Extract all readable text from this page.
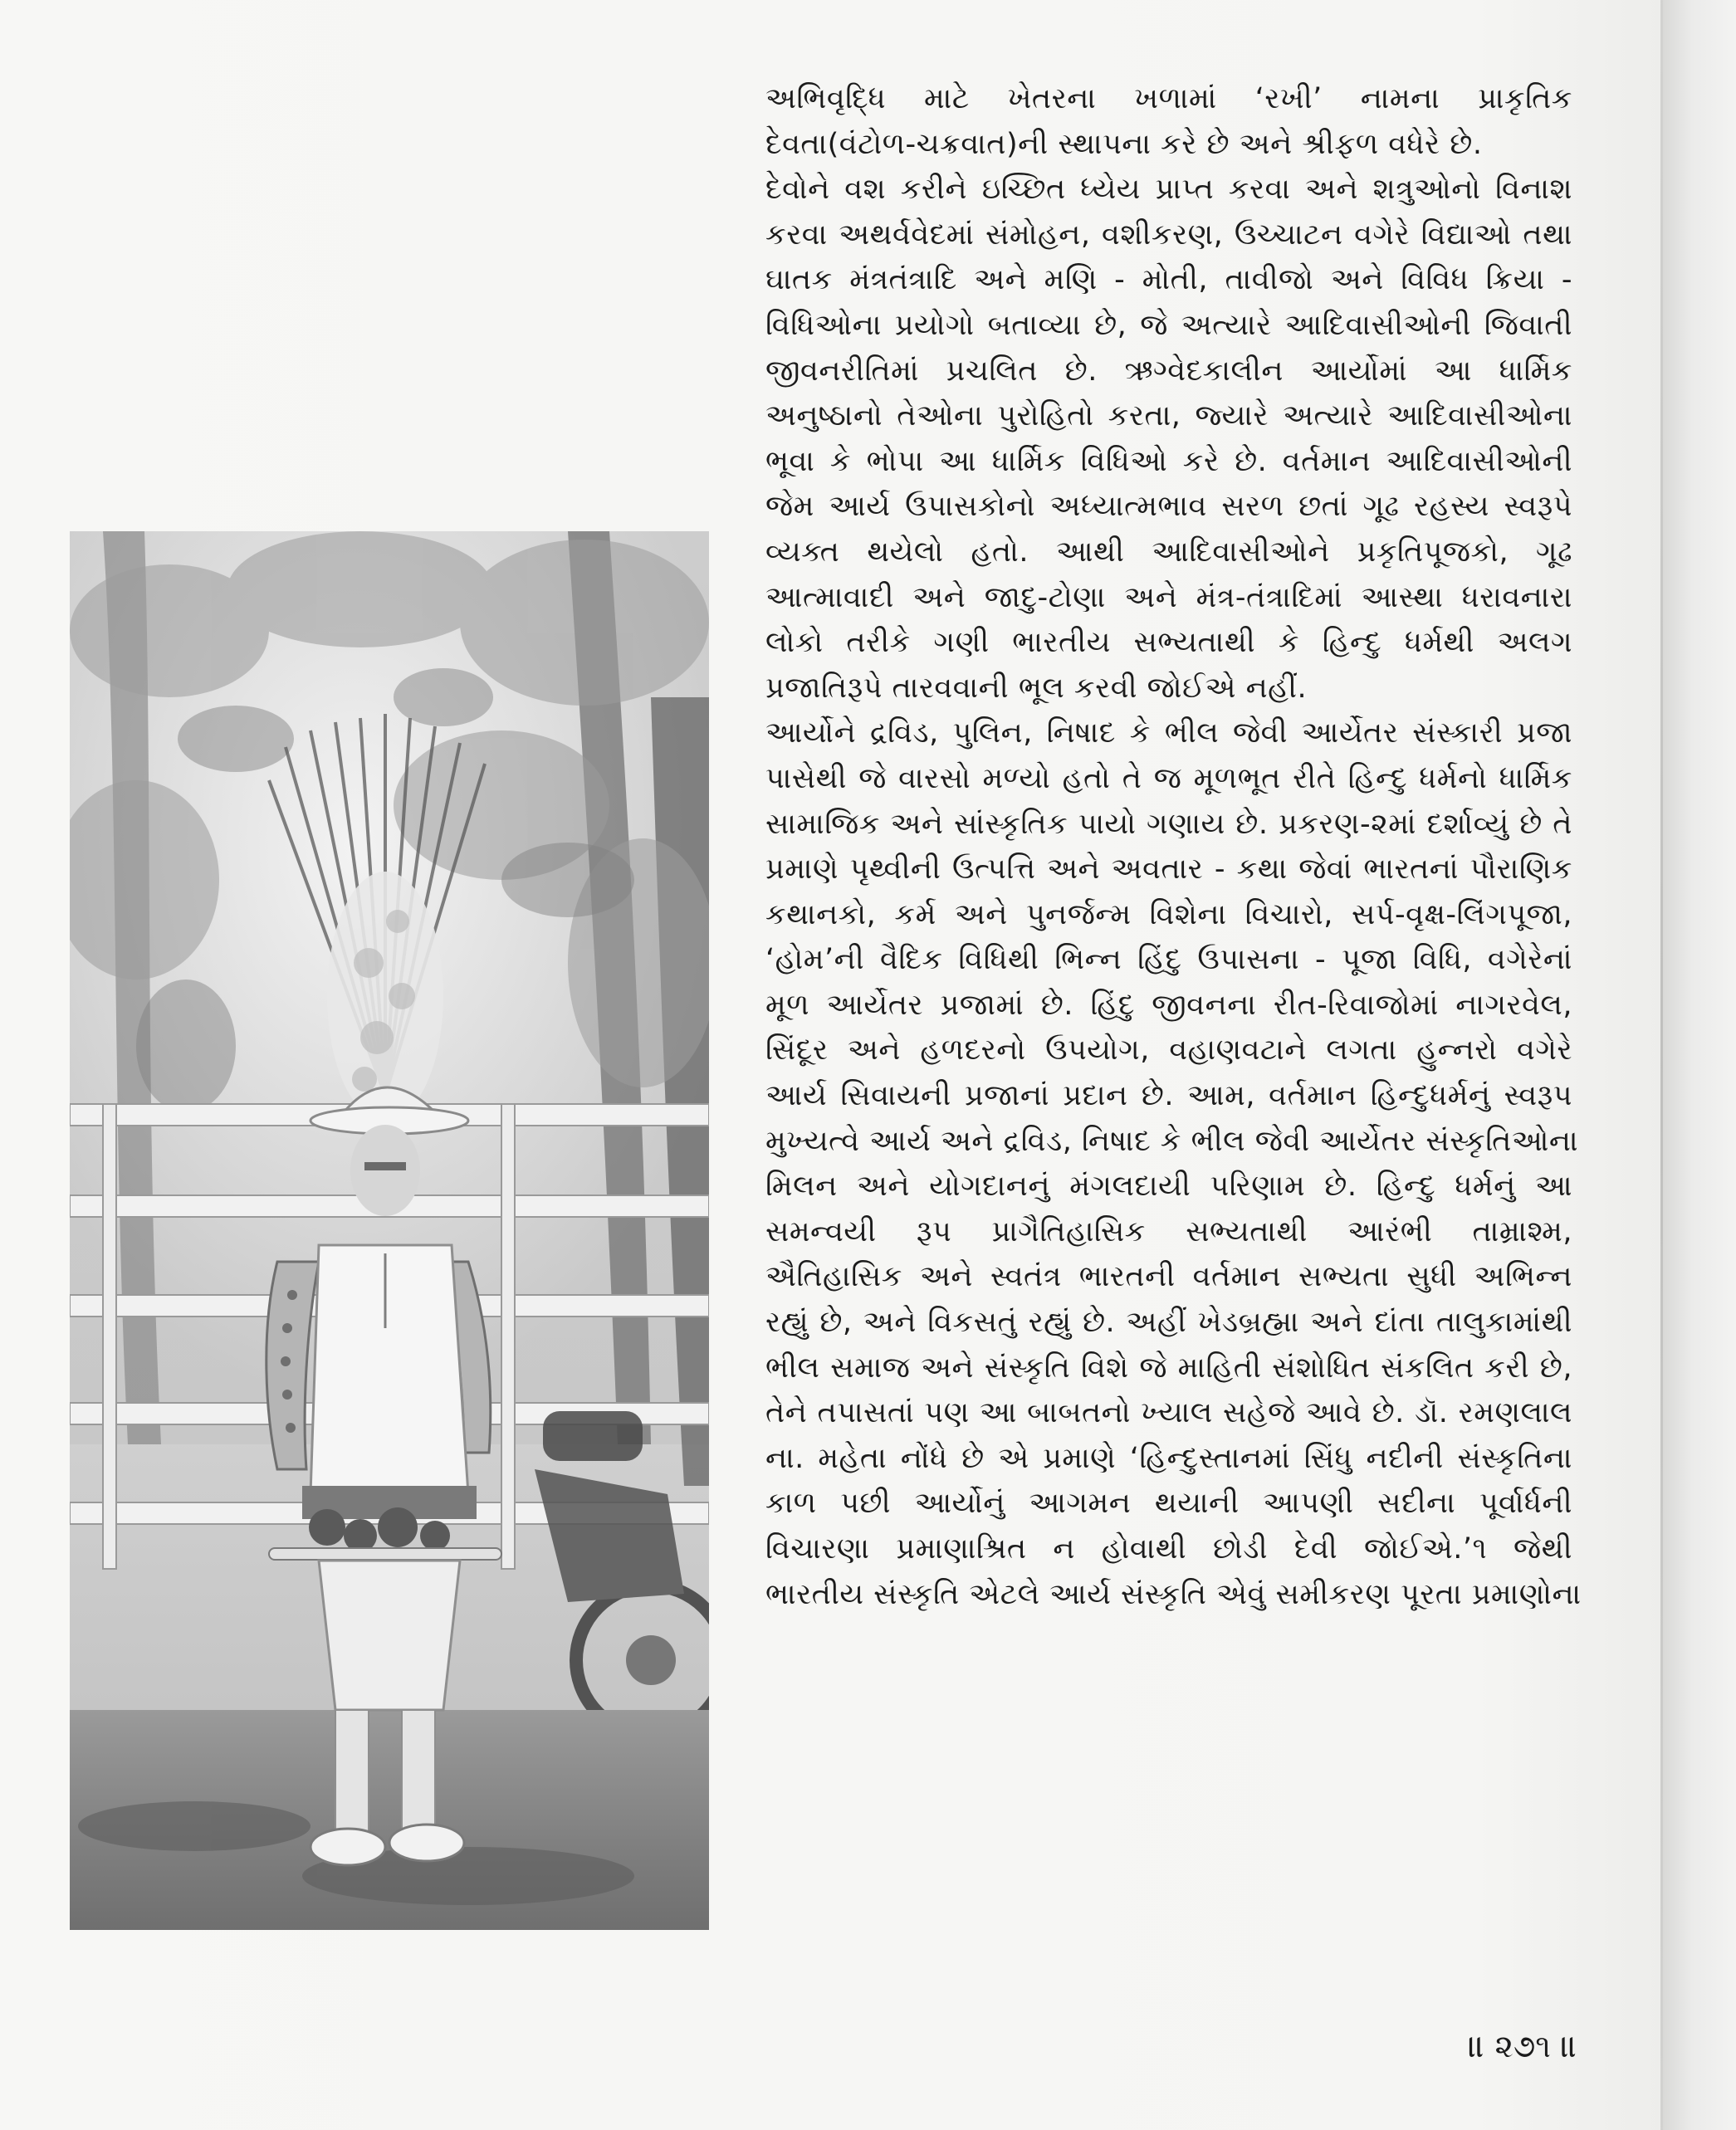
અભિવૃદ્ધિ માટે ખેતરના ખળામાં ‘રખી’ નામના પ્રાકૃતિક
દેવતા(વંટોળ-ચક્રવાત)ની સ્થાપના કરે છે અને શ્રીફળ વધેરે છે.
દેવોને વશ કરીને ઇચ્છિત ધ્યેય પ્રાપ્ત કરવા અને શત્રુઓનો વિનાશ
કરવા અથર્વવેદમાં સંમોહન, વશીકરણ, ઉચ્ચાટન વગેરે વિદ્યાઓ તથા
ઘાતક મંત્રતંત્રાદિ અને મણિ - મોતી, તાવીજો અને વિવિધ ક્રિયા -
વિધિઓના પ્રયોગો બતાવ્યા છે, જે અત્યારે આદિવાસીઓની જિવાતી
જીવનરીતિમાં પ્રચલિત છે. ઋગ્વેદકાલીન આર્યોમાં આ ધાર્મિક
અનુષ્ઠાનો તેઓના પુરોહિતો કરતા, જ્યારે અત્યારે આદિવાસીઓના
ભૂવા કે ભોપા આ ધાર્મિક વિધિઓ કરે છે. વર્તમાન આદિવાસીઓની
જેમ આર્ય ઉપાસકોનો અધ્યાત્મભાવ સરળ છતાં ગૂઢ રહસ્ય સ્વરૂપે
વ્યક્ત થયેલો હતો. આથી આદિવાસીઓને પ્રકૃતિપૂજકો, ગૂઢ
આત્માવાદી અને જાદુ-ટોણા અને મંત્ર-તંત્રાદિમાં આસ્થા ધરાવનારા
લોકો તરીકે ગણી ભારતીય સભ્યતાથી કે હિન્દુ ધર્મથી અલગ
પ્રજાતિરૂપે તારવવાની ભૂલ કરવી જોઈએ નહીં.
આર્યોને દ્રવિડ, પુલિન, નિષાદ કે ભીલ જેવી આર્યેતર સંસ્કારી પ્રજા
પાસેથી જે વારસો મળ્યો હતો તે જ મૂળભૂત રીતે હિન્દુ ધર્મનો ધાર્મિક
સામાજિક અને સાંસ્કૃતિક પાયો ગણાય છે. પ્રકરણ-૨માં દર્શાવ્યું છે તે
પ્રમાણે પૃથ્વીની ઉત્પત્તિ અને અવતાર - કથા જેવાં ભારતનાં પૌરાણિક
કથાનકો, કર્મ અને પુનર્જન્મ વિશેના વિચારો, સર્પ-વૃક્ષ-લિંગપૂજા,
‘હોમ’ની વૈદિક વિધિથી ભિન્ન હિંદુ ઉપાસના - પૂજા વિધિ, વગેરેનાં
મૂળ આર્યેતર પ્રજામાં છે. હિંદુ જીવનના રીત-રિવાજોમાં નાગરવેલ,
સિંદૂર અને હળદરનો ઉપયોગ, વહાણવટાને લગતા હુન્નરો વગેરે
આર્ય સિવાયની પ્રજાનાં પ્રદાન છે. આમ, વર્તમાન હિન્દુધર્મનું સ્વરૂપ
મુખ્યત્વે આર્ય અને દ્રવિડ, નિષાદ કે ભીલ જેવી આર્યેતર સંસ્કૃતિઓના
મિલન અને યોગદાનનું મંગલદાયી પરિણામ છે. હિન્દુ ધર્મનું આ
સમન્વયી રૂપ પ્રાગૈતિહાસિક સભ્યતાથી આરંભી તામ્રાશ્મ,
ઐતિહાસિક અને સ્વતંત્ર ભારતની વર્તમાન સભ્યતા સુધી અભિન્ન
રહ્યું છે, અને વિકસતું રહ્યું છે. અહીં ખેડબ્રહ્મા અને દાંતા તાલુકામાંથી
ભીલ સમાજ અને સંસ્કૃતિ વિશે જે માહિતી સંશોધિત સંકલિત કરી છે,
તેને તપાસતાં પણ આ બાબતનો ખ્યાલ સહેજે આવે છે. ડૉ. રમણલાલ
ના. મહેતા નોંધે છે એ પ્રમાણે ‘હિન્દુસ્તાનમાં સિંધુ નદીની સંસ્કૃતિના
કાળ પછી આર્યોનું આગમન થયાની આપણી સદીના પૂર્વાર્ધની
વિચારણા પ્રમાણાશ્રિત ન હોવાથી છોડી દેવી જોઈએ.’૧ જેથી
ભારતીય સંસ્કૃતિ એટલે આર્ય સંસ્કૃતિ એવું સમીકરણ પૂરતા પ્રમાણોના
॥ ૨૭૧ ॥
